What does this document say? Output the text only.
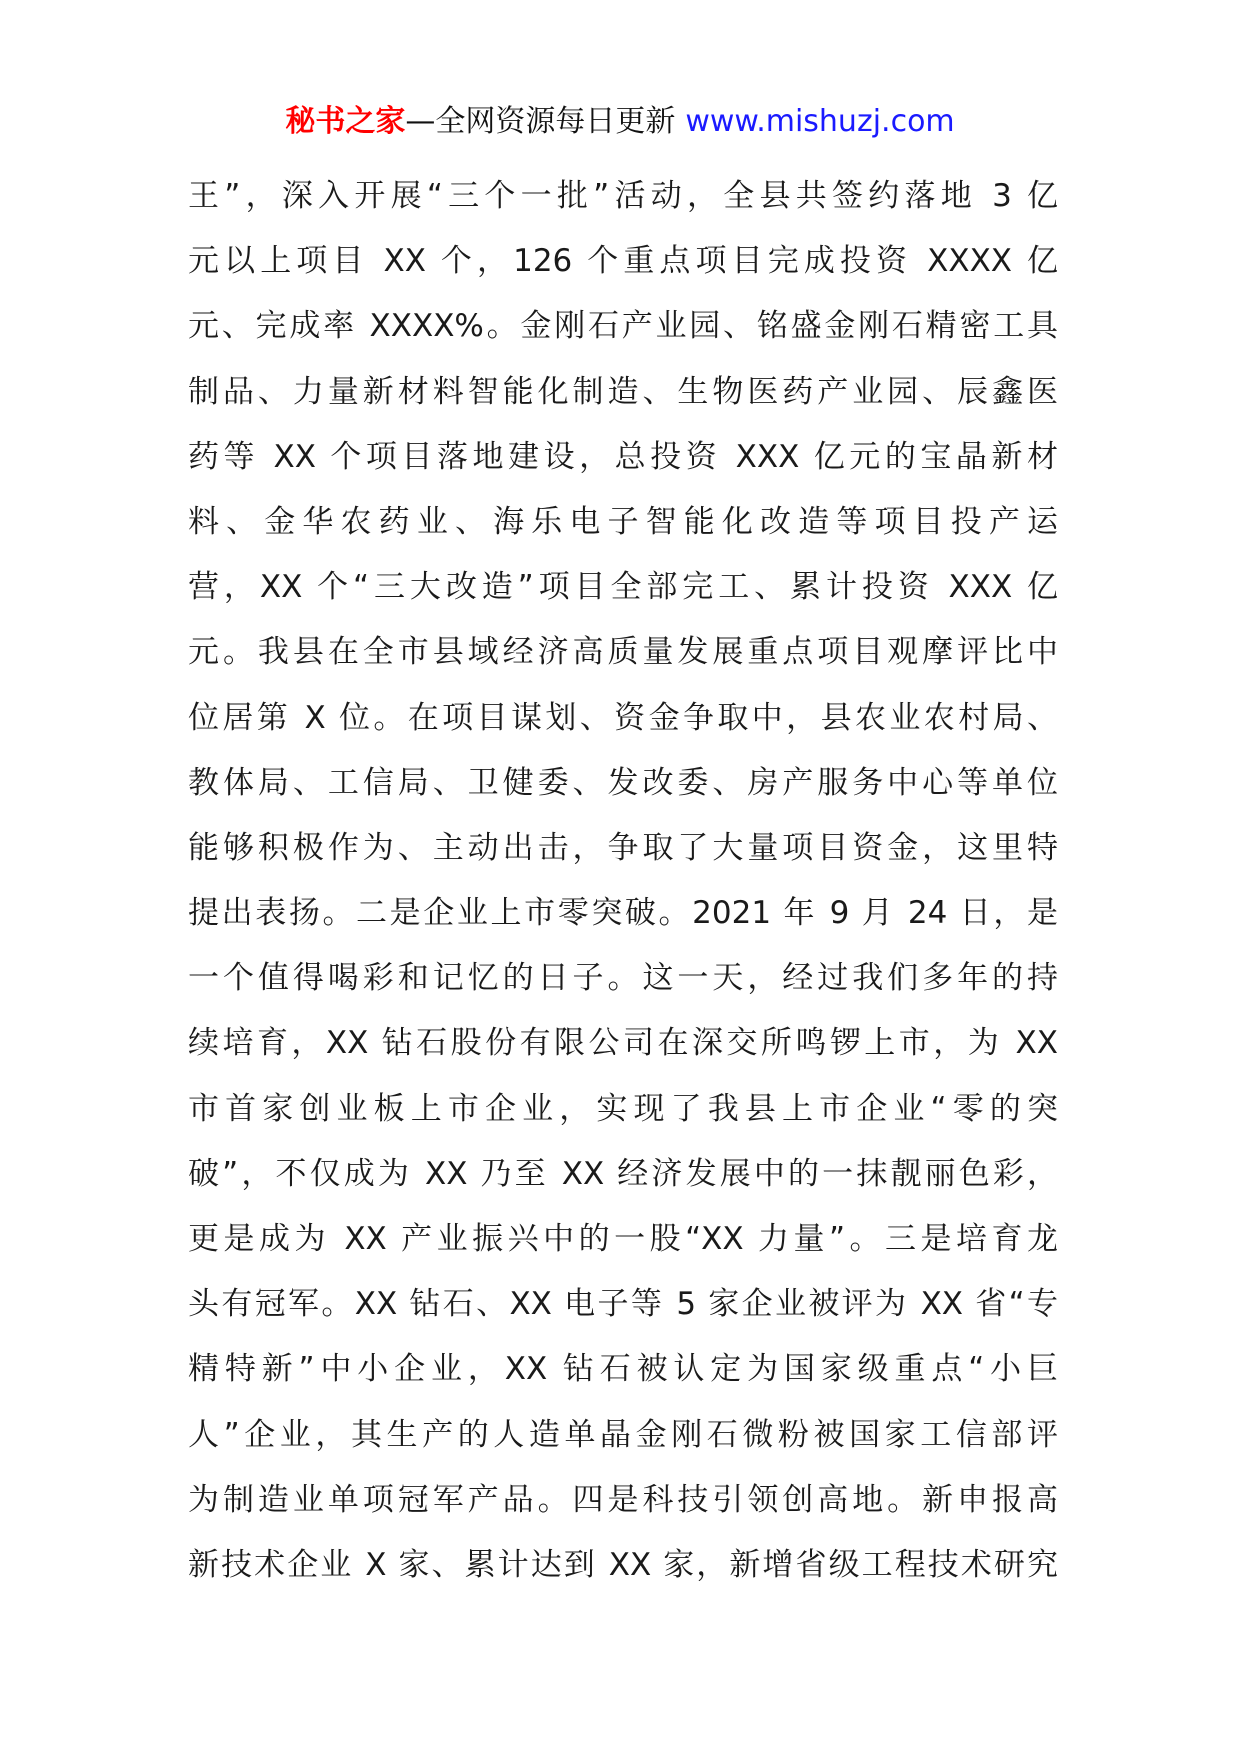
秘书之家—全网资源每日更新 www.mishuzj.com
王”，深入开展“三个一批”活动，全县共签约落地 3 亿
元以上项目 XX 个，126 个重点项目完成投资 XXXX 亿
元、完成率 XXXX%。金刚石产业园、铭盛金刚石精密工具
制品、力量新材料智能化制造、生物医药产业园、辰鑫医
药等 XX 个项目落地建设，总投资 XXX 亿元的宝晶新材
料、金华农药业、海乐电子智能化改造等项目投产运
营，XX 个“三大改造”项目全部完工、累计投资 XXX 亿
元。我县在全市县域经济高质量发展重点项目观摩评比中
位居第 X 位。在项目谋划、资金争取中，县农业农村局、
教体局、工信局、卫健委、发改委、房产服务中心等单位
能够积极作为、主动出击，争取了大量项目资金，这里特
提出表扬。二是企业上市零突破。2021 年 9 月 24 日，是
一个值得喝彩和记忆的日子。这一天，经过我们多年的持
续培育，XX 钻石股份有限公司在深交所鸣锣上市，为 XX
市首家创业板上市企业，实现了我县上市企业“零的突
破”，不仅成为 XX 乃至 XX 经济发展中的一抹靓丽色彩，
更是成为 XX 产业振兴中的一股“XX 力量”。三是培育龙
头有冠军。XX 钻石、XX 电子等 5 家企业被评为 XX 省“专
精特新”中小企业，XX 钻石被认定为国家级重点“小巨
人”企业，其生产的人造单晶金刚石微粉被国家工信部评
为制造业单项冠军产品。四是科技引领创高地。新申报高
新技术企业 X 家、累计达到 XX 家，新增省级工程技术研究
